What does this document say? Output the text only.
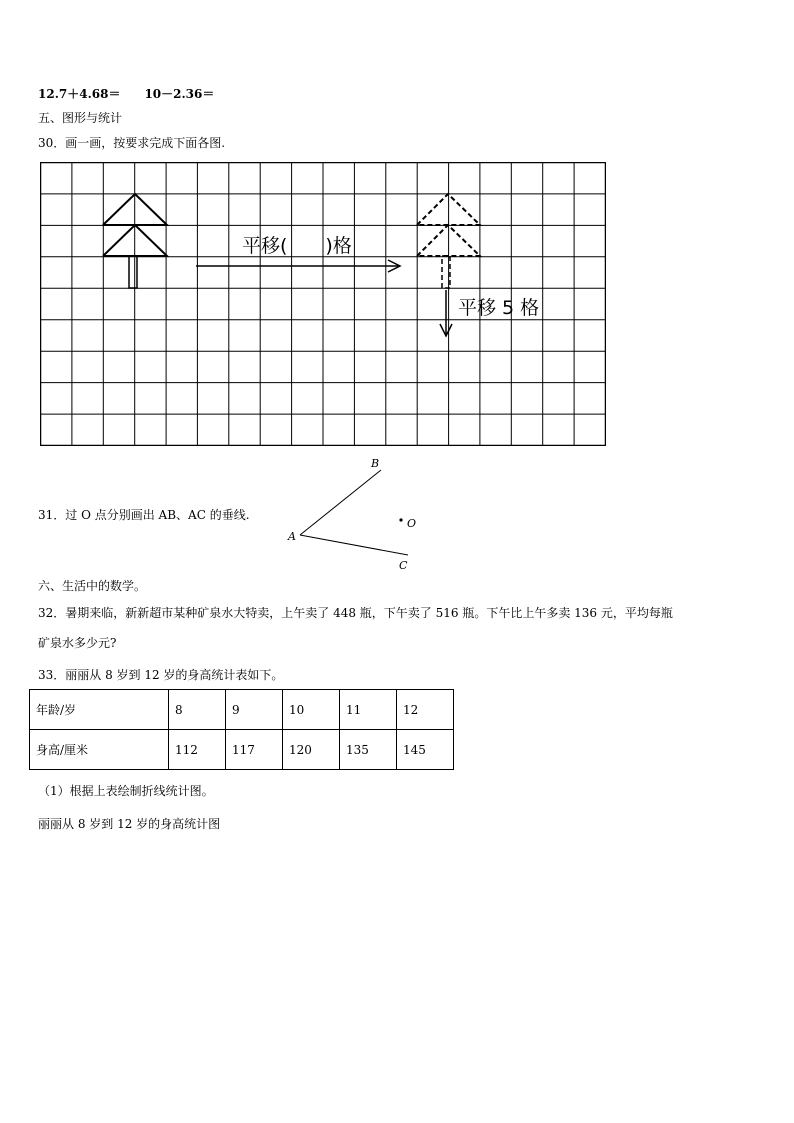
12.7＋4.68＝　　10－2.36＝
五、图形与统计
30．画一画，按要求完成下面各图.
平移(　　)格
平移 5 格
31．过 O 点分别画出 AB、AC 的垂线.
A
B
C
O
六、生活中的数学。
32．暑期来临，新新超市某种矿泉水大特卖，上午卖了 448 瓶，下午卖了 516 瓶。下午比上午多卖 136 元，平均每瓶
矿泉水多少元?
33．丽丽从 8 岁到 12 岁的身高统计表如下。
年龄/岁	8	9	10	11	12
身高/厘米	112	117	120	135	145
（1）根据上表绘制折线统计图。
丽丽从 8 岁到 12 岁的身高统计图
